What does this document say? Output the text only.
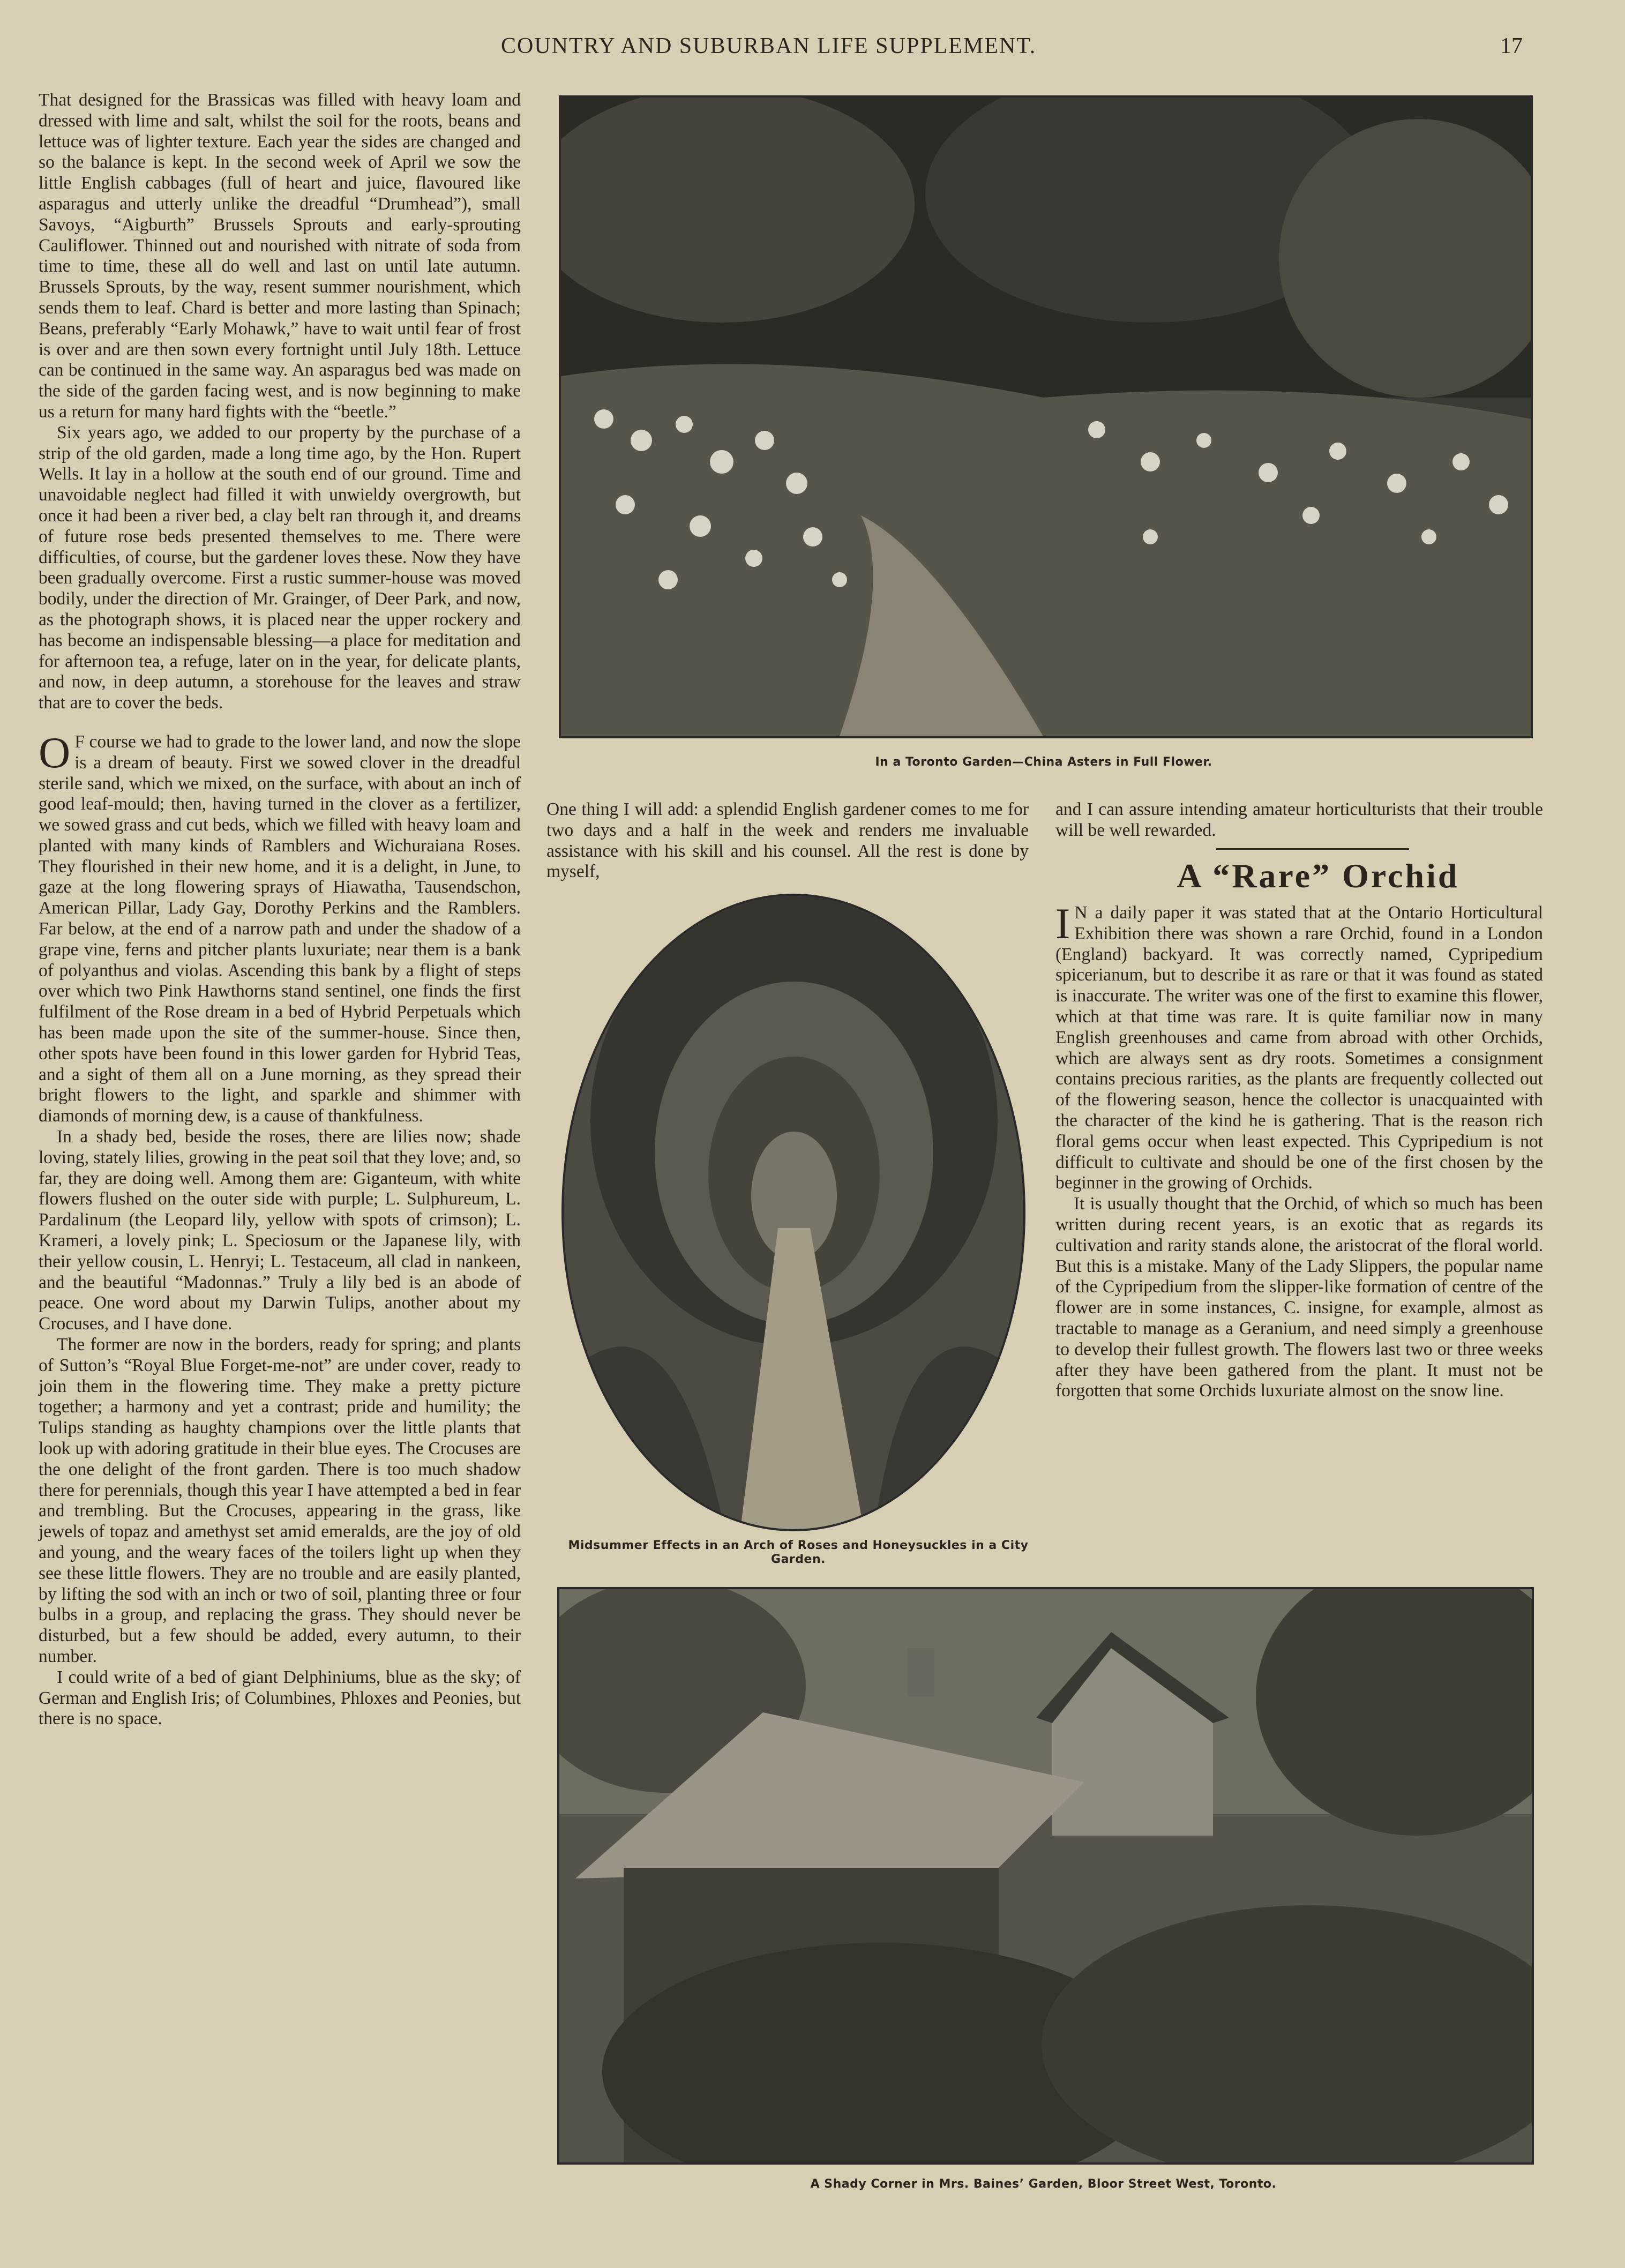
COUNTRY AND SUBURBAN LIFE SUPPLEMENT.	17

That designed for the Brassicas was filled with heavy loam and dressed with lime and salt, whilst the soil for the roots, beans and lettuce was of lighter texture. Each year the sides are changed and so the balance is kept. In the second week of April we sow the little English cabbages (full of heart and juice, flavoured like asparagus and utterly unlike the dreadful “Drumhead”), small Savoys, “Aigburth” Brussels Sprouts and early-sprouting Cauliflower. Thinned out and nourished with nitrate of soda from time to time, these all do well and last on until late autumn. Brussels Sprouts, by the way, resent summer nourishment, which sends them to leaf. Chard is better and more lasting than Spinach; Beans, preferably “Early Mohawk,” have to wait until fear of frost is over and are then sown every fortnight until July 18th. Lettuce can be continued in the same way. An asparagus bed was made on the side of the garden facing west, and is now beginning to make us a return for many hard fights with the “beetle.”

Six years ago, we added to our property by the purchase of a strip of the old garden, made a long time ago, by the Hon. Rupert Wells. It lay in a hollow at the south end of our ground. Time and unavoidable neglect had filled it with unwieldy overgrowth, but once it had been a river bed, a clay belt ran through it, and dreams of future rose beds presented themselves to me. There were difficulties, of course, but the gardener loves these. Now they have been gradually overcome. First a rustic summer-house was moved bodily, under the direction of Mr. Grainger, of Deer Park, and now, as the photograph shows, it is placed near the upper rockery and has become an indispensable blessing—a place for meditation and for afternoon tea, a refuge, later on in the year, for delicate plants, and now, in deep autumn, a storehouse for the leaves and straw that are to cover the beds.

O F course we had to grade to the lower land, and now the slope is a dream of beauty. First we sowed clover in the dreadful sterile sand, which we mixed, on the surface, with about an inch of good leaf-mould; then, having turned in the clover as a fertilizer, we sowed grass and cut beds, which we filled with heavy loam and planted with many kinds of Ramblers and Wichuraiana Roses. They flourished in their new home, and it is a delight, in June, to gaze at the long flowering sprays of Hiawatha, Tausendschon, American Pillar, Lady Gay, Dorothy Perkins and the Ramblers. Far below, at the end of a narrow path and under the shadow of a grape vine, ferns and pitcher plants luxuriate; near them is a bank of polyanthus and violas. Ascending this bank by a flight of steps over which two Pink Hawthorns stand sentinel, one finds the first fulfilment of the Rose dream in a bed of Hybrid Perpetuals which has been made upon the site of the summer-house. Since then, other spots have been found in this lower garden for Hybrid Teas, and a sight of them all on a June morning, as they spread their bright flowers to the light, and sparkle and shimmer with diamonds of morning dew, is a cause of thankfulness.

In a shady bed, beside the roses, there are lilies now; shade loving, stately lilies, growing in the peat soil that they love; and, so far, they are doing well. Among them are: Giganteum, with white flowers flushed on the outer side with purple; L. Sulphureum, L. Pardalinum (the Leopard lily, yellow with spots of crimson); L. Krameri, a lovely pink; L. Speciosum or the Japanese lily, with their yellow cousin, L. Henryi; L. Testaceum, all clad in nankeen, and the beautiful “Madonnas.” Truly a lily bed is an abode of peace. One word about my Darwin Tulips, another about my Crocuses, and I have done.

The former are now in the borders, ready for spring; and plants of Sutton’s “Royal Blue Forget-me-not” are under cover, ready to join them in the flowering time. They make a pretty picture together; a harmony and yet a contrast; pride and humility; the Tulips standing as haughty champions over the little plants that look up with adoring gratitude in their blue eyes. The Crocuses are the one delight of the front garden. There is too much shadow there for perennials, though this year I have attempted a bed in fear and trembling. But the Crocuses, appearing in the grass, like jewels of topaz and amethyst set amid emeralds, are the joy of old and young, and the weary faces of the toilers light up when they see these little flowers. They are no trouble and are easily planted, by lifting the sod with an inch or two of soil, planting three or four bulbs in a group, and replacing the grass. They should never be disturbed, but a few should be added, every autumn, to their number.

I could write of a bed of giant Delphiniums, blue as the sky; of German and English Iris; of Columbines, Phloxes and Peonies, but there is no space.

In a Toronto Garden—China Asters in Full Flower.

One thing I will add: a splendid English gardener comes to me for two days and a half in the week and renders me invaluable assistance with his skill and his counsel. All the rest is done by myself,

and I can assure intending amateur horticulturists that their trouble will be well rewarded.

A “Rare” Orchid

I N a daily paper it was stated that at the Ontario Horticultural Exhibition there was shown a rare Orchid, found in a London (England) backyard. It was correctly named, Cypripedium spicerianum, but to describe it as rare or that it was found as stated is inaccurate. The writer was one of the first to examine this flower, which at that time was rare. It is quite familiar now in many English greenhouses and came from abroad with other Orchids, which are always sent as dry roots. Sometimes a consignment contains precious rarities, as the plants are frequently collected out of the flowering season, hence the collector is unacquainted with the character of the kind he is gathering. That is the reason rich floral gems occur when least expected. This Cypripedium is not difficult to cultivate and should be one of the first chosen by the beginner in the growing of Orchids.

It is usually thought that the Orchid, of which so much has been written during recent years, is an exotic that as regards its cultivation and rarity stands alone, the aristocrat of the floral world. But this is a mistake. Many of the Lady Slippers, the popular name of the Cypripedium from the slipper-like formation of centre of the flower are in some instances, C. insigne, for example, almost as tractable to manage as a Geranium, and need simply a greenhouse to develop their fullest growth. The flowers last two or three weeks after they have been gathered from the plant. It must not be forgotten that some Orchids luxuriate almost on the snow line.

Midsummer Effects in an Arch of Roses and Honeysuckles in a City Garden.
A Shady Corner in Mrs. Baines’ Garden, Bloor Street West, Toronto.
